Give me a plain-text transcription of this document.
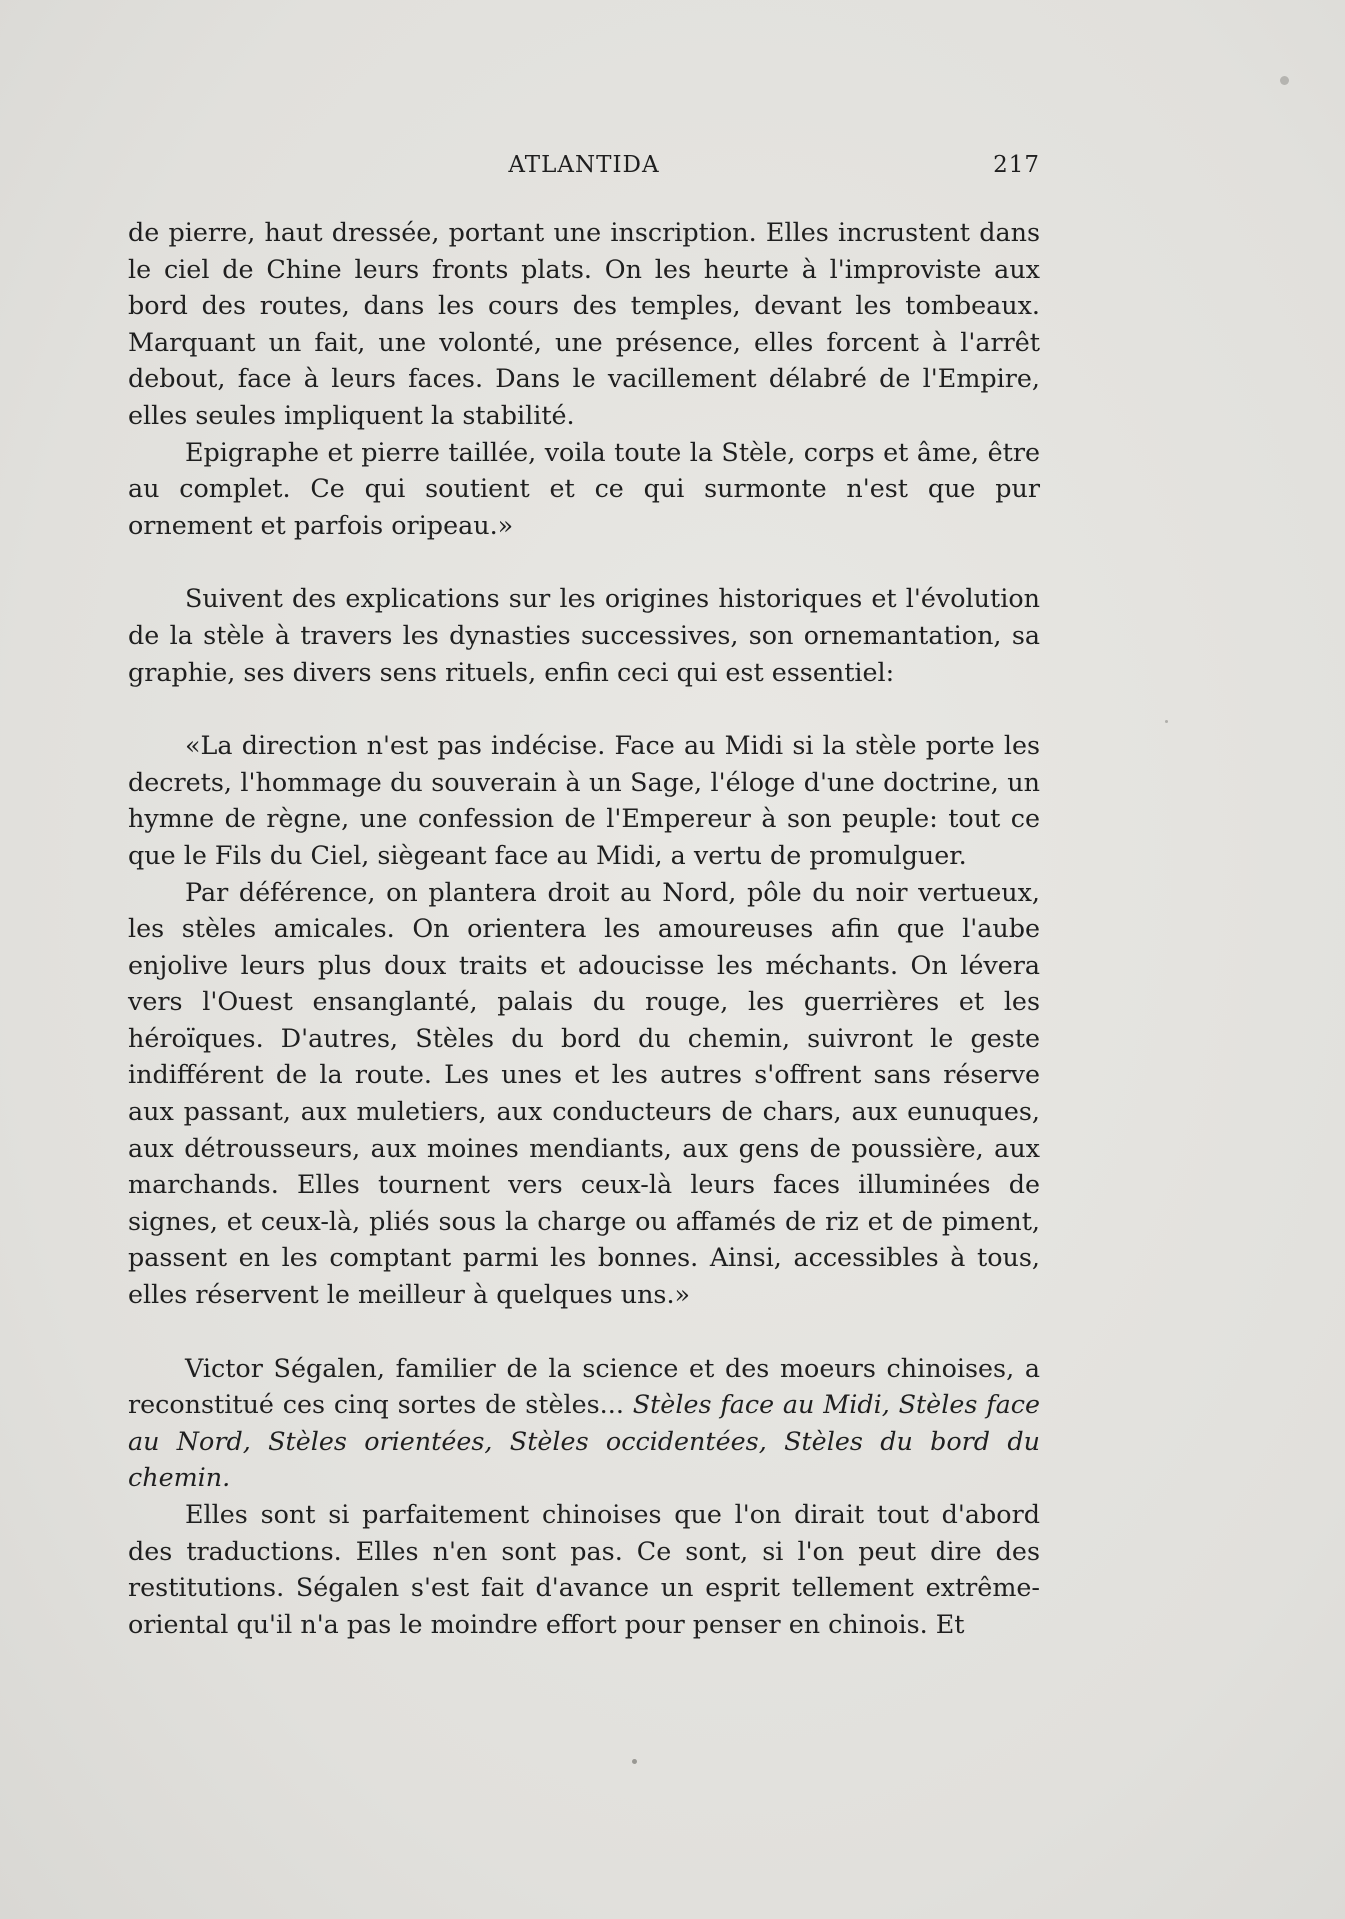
ATLANTIDA	217

de pierre, haut dressée, portant une inscription. Elles incrustent dans le ciel de Chine leurs fronts plats. On les heurte à l'improviste aux bord des routes, dans les cours des temples, devant les tombeaux. Marquant un fait, une volonté, une présence, elles forcent à l'arrêt debout, face à leurs faces. Dans le vacillement délabré de l'Empire, elles seules impliquent la stabilité.

Epigraphe et pierre taillée, voila toute la Stèle, corps et âme, être au complet. Ce qui soutient et ce qui surmonte n'est que pur ornement et parfois oripeau.»

Suivent des explications sur les origines historiques et l'évolution de la stèle à travers les dynasties successives, son ornemantation, sa graphie, ses divers sens rituels, enfin ceci qui est essentiel:

«La direction n'est pas indécise. Face au Midi si la stèle porte les decrets, l'hommage du souverain à un Sage, l'éloge d'une doctrine, un hymne de règne, une confession de l'Empereur à son peuple: tout ce que le Fils du Ciel, siègeant face au Midi, a vertu de promulguer.

Par déférence, on plantera droit au Nord, pôle du noir vertueux, les stèles amicales. On orientera les amoureuses afin que l'aube enjolive leurs plus doux traits et adoucisse les méchants. On lévera vers l'Ouest ensanglanté, palais du rouge, les guerrières et les héroïques. D'autres, Stèles du bord du chemin, suivront le geste indifférent de la route. Les unes et les autres s'offrent sans réserve aux passant, aux muletiers, aux conducteurs de chars, aux eunuques, aux détrousseurs, aux moines mendiants, aux gens de poussière, aux marchands. Elles tournent vers ceux-là leurs faces illuminées de signes, et ceux-là, pliés sous la charge ou affamés de riz et de piment, passent en les comptant parmi les bonnes. Ainsi, accessibles à tous, elles réservent le meilleur à quelques uns.»

Victor Ségalen, familier de la science et des moeurs chinoises, a reconstitué ces cinq sortes de stèles... Stèles face au Midi, Stèles face au Nord, Stèles orientées, Stèles occidentées, Stèles du bord du chemin.

Elles sont si parfaitement chinoises que l'on dirait tout d'abord des traductions. Elles n'en sont pas. Ce sont, si l'on peut dire des restitutions. Ségalen s'est fait d'avance un esprit tellement extrême-oriental qu'il n'a pas le moindre effort pour penser en chinois. Et
